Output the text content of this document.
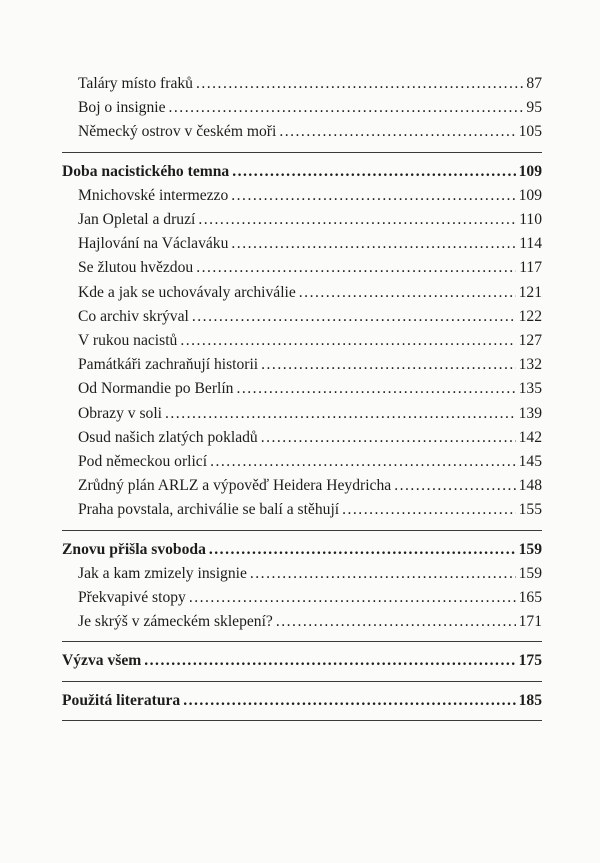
Taláry místo fraků . . .	87
Boj o insignie . . .	95
Německý ostrov v českém moři . . .	105
Doba nacistického temna . . .	109
Mnichovské intermezzo . . .	109
Jan Opletal a druzí . . .	110
Hajlování na Václaváku . . .	114
Se žlutou hvězdou . . .	117
Kde a jak se uchovávaly archiválie . . .	121
Co archiv skrýval . . .	122
V rukou nacistů . . .	127
Památkáři zachraňují historii . . .	132
Od Normandie po Berlín . . .	135
Obrazy v soli . . .	139
Osud našich zlatých pokladů . . .	142
Pod německou orlicí . . .	145
Zrůdný plán ARLZ a výpověď Heidera Heydricha . . .	148
Praha povstala, archiválie se balí a stěhují . . .	155
Znovu přišla svoboda . . .	159
Jak a kam zmizely insignie . . .	159
Překvapivé stopy . . .	165
Je skrýš v zámeckém sklepení? . . .	171
Výzva všem . . .	175
Použitá literatura . . .	185
